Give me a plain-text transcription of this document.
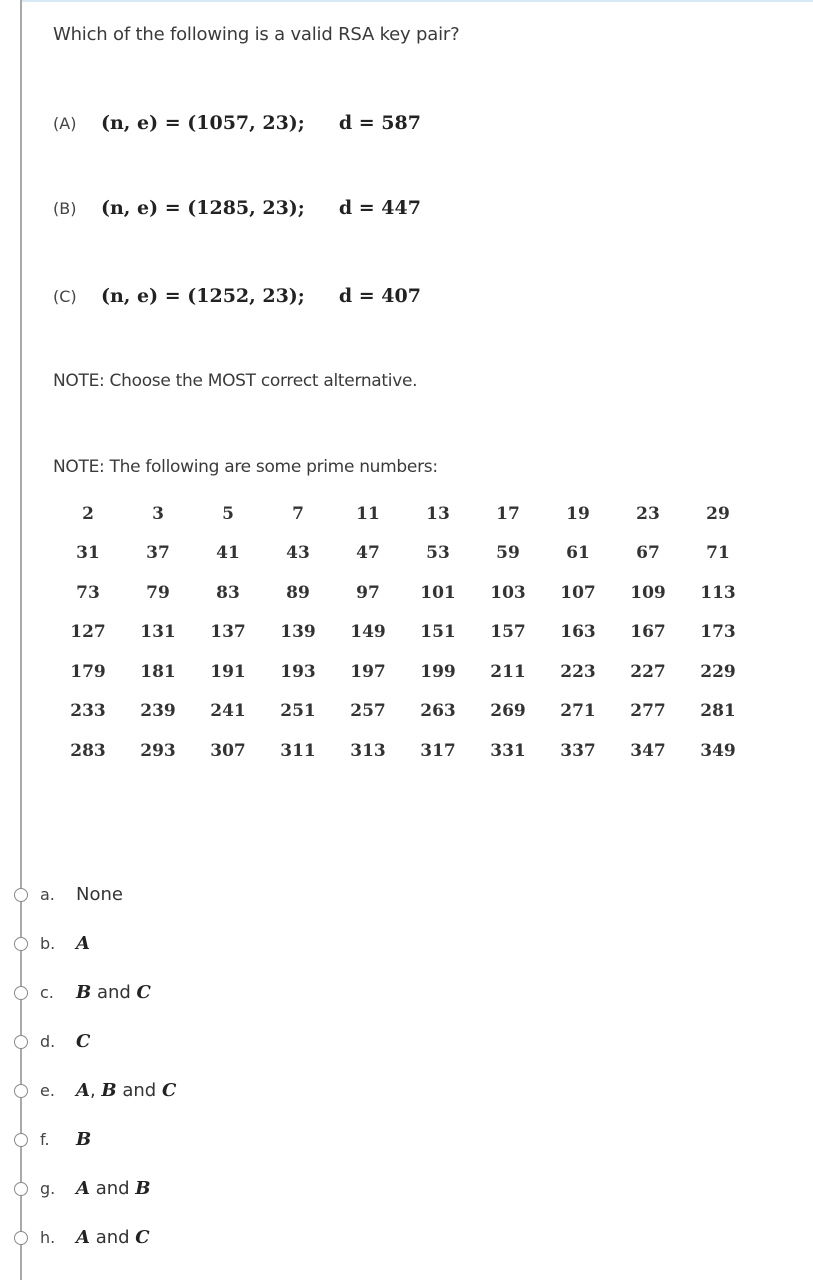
Which of the following is a valid RSA key pair?
(A)	(n, e) = (1057, 23); d = 587
(B)	(n, e) = (1285, 23); d = 447
(C)	(n, e) = (1252, 23); d = 407
NOTE: Choose the MOST correct alternative.
NOTE: The following are some prime numbers:
2	3	5	7	11	13	17	19	23	29
31	37	41	43	47	53	59	61	67	71
73	79	83	89	97	101	103	107	109	113
127	131	137	139	149	151	157	163	167	173
179	181	191	193	197	199	211	223	227	229
233	239	241	251	257	263	269	271	277	281
283	293	307	311	313	317	331	337	347	349
a.	None
b.	A
c.	B and C
d.	C
e.	A, B and C
f.	B
g.	A and B
h.	A and C
